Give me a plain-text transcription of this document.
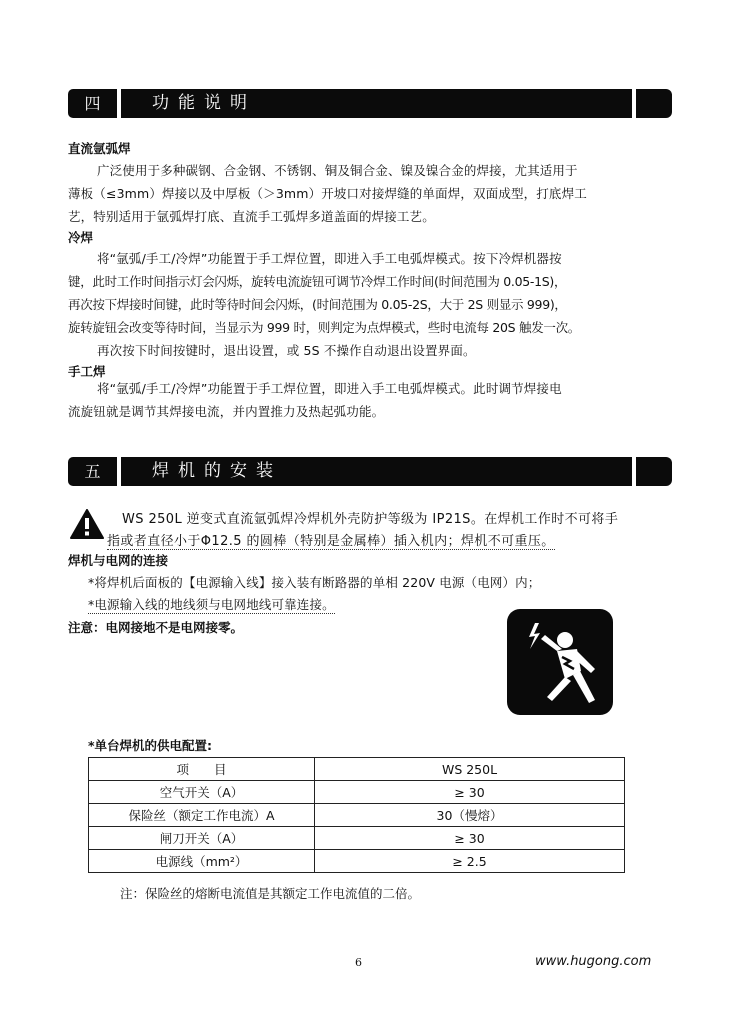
四	功能说明
直流氩弧焊
广泛使用于多种碳钢、合金钢、不锈钢、铜及铜合金、镍及镍合金的焊接，尤其适用于
薄板（≤3mm）焊接以及中厚板（＞3mm）开坡口对接焊缝的单面焊，双面成型，打底焊工
艺，特别适用于氩弧焊打底、直流手工弧焊多道盖面的焊接工艺。
冷焊
将“氩弧/手工/冷焊”功能置于手工焊位置，即进入手工电弧焊模式。按下冷焊机器按
键，此时工作时间指示灯会闪烁，旋转电流旋钮可调节冷焊工作时间(时间范围为 0.05-1S)，
再次按下焊接时间键，此时等待时间会闪烁，(时间范围为 0.05-2S，大于 2S 则显示 999)，
旋转旋钮会改变等待时间，当显示为 999 时，则判定为点焊模式，些时电流每 20S 触发一次。
再次按下时间按键时，退出设置，或 5S 不操作自动退出设置界面。
手工焊
将“氩弧/手工/冷焊”功能置于手工焊位置，即进入手工电弧焊模式。此时调节焊接电
流旋钮就是调节其焊接电流，并内置推力及热起弧功能。
五	焊机的安装
WS 250L 逆变式直流氩弧焊冷焊机外壳防护等级为 IP21S。在焊机工作时不可将手
指或者直径小于Φ12.5 的圆棒（特别是金属棒）插入机内；焊机不可重压。
焊机与电网的连接
*将焊机后面板的【电源输入线】接入装有断路器的单相 220V 电源（电网）内；
*电源输入线的地线须与电网地线可靠连接。
注意：电网接地不是电网接零。
*单台焊机的供电配置:
项　　目	WS 250L
空气开关（A）	≥ 30
保险丝（额定工作电流）A	30（慢熔）
闸刀开关（A）	≥ 30
电源线（mm²）	≥ 2.5
注：保险丝的熔断电流值是其额定工作电流值的二倍。
6	www.hugong.com
